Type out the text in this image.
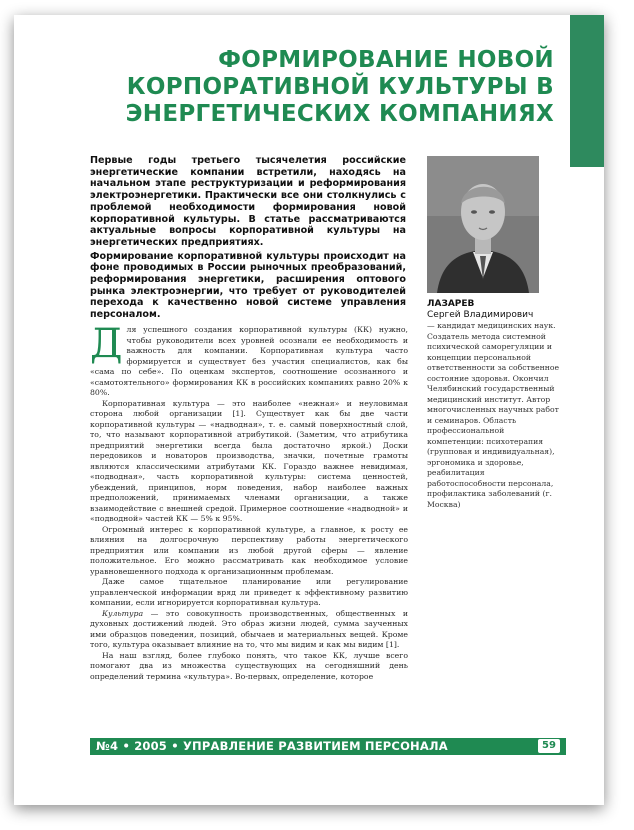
ФОРМИРОВАНИЕ НОВОЙ
КОРПОРАТИВНОЙ КУЛЬТУРЫ В
ЭНЕРГЕТИЧЕСКИХ КОМПАНИЯХ

Первые годы третьего тысячелетия российские энергетические компании встретили, находясь на начальном этапе реструктуризации и реформирования электроэнергетики. Практически все они столкнулись с проблемой необходимости формирования новой корпоративной культуры. В статье рассматриваются актуальные вопросы корпоративной культуры на энергетических предприятиях.

Формирование корпоративной культуры происходит на фоне проводимых в России рыночных преобразований, реформирования энергетики, расширения оптового рынка электроэнергии, что требует от руководителей перехода к качественно новой системе управления персоналом.

ЛАЗАРЕВ
Сергей Владимирович
— кандидат медицинских наук. Создатель метода системной психической саморегуляции и концепции персональной ответственности за собственное состояние здоровья. Окончил Челябинский государственный медицинский институт. Автор многочисленных научных работ и семинаров. Область профессиональной компетенции: психотерапия (групповая и индивидуальная), эргономика и здоровье, реабилитация работоспособности персонала, профилактика заболеваний (г. Москва)

Для успешного создания корпоративной культуры (КК) нужно, чтобы руководители всех уровней осознали ее необходимость и важность для компании. Корпоративная культура часто формируется и существует без участия специалистов, как бы «сама по себе». По оценкам экспертов, соотношение осознанного и «самотоятельного» формирования КК в российских компаниях равно 20% к 80%.

Корпоративная культура — это наиболее «нежная» и неуловимая сторона любой организации [1]. Существует как бы две части корпоративной культуры — «надводная», т. е. самый поверхностный слой, то, что называют корпоративной атрибутикой. (Заметим, что атрибутика предприятий энергетики всегда была достаточно яркой.) Доски передовиков и новаторов производства, значки, почетные грамоты являются классическими атрибутами КК. Гораздо важнее невидимая, «подводная», часть корпоративной культуры: система ценностей, убеждений, принципов, норм поведения, набор наиболее важных предположений, принимаемых членами организации, а также взаимодействие с внешней средой. Примерное соотношение «надводной» и «подводной» частей КК — 5% к 95%.

Огромный интерес к корпоративной культуре, а главное, к росту ее влияния на долгосрочную перспективу работы энергетического предприятия или компании из любой другой сферы — явление положительное. Его можно рассматривать как необходимое условие уравновешенного подхода к организационным проблемам.

Даже самое тщательное планирование или регулирование управленческой информации вряд ли приведет к эффективному развитию компании, если игнорируется корпоративная культура.

Культура — это совокупность производственных, общественных и духовных достижений людей. Это образ жизни людей, сумма заученных ими образцов поведения, позиций, обычаев и материальных вещей. Кроме того, культура оказывает влияние на то, что мы видим и как мы видим [1].

На наш взгляд, более глубоко понять, что такое КК, лучше всего помогают два из множества существующих на сегодняшний день определений термина «культура». Во-первых, определение, которое

№4 • 2005 • УПРАВЛЕНИЕ РАЗВИТИЕМ ПЕРСОНАЛА	59
